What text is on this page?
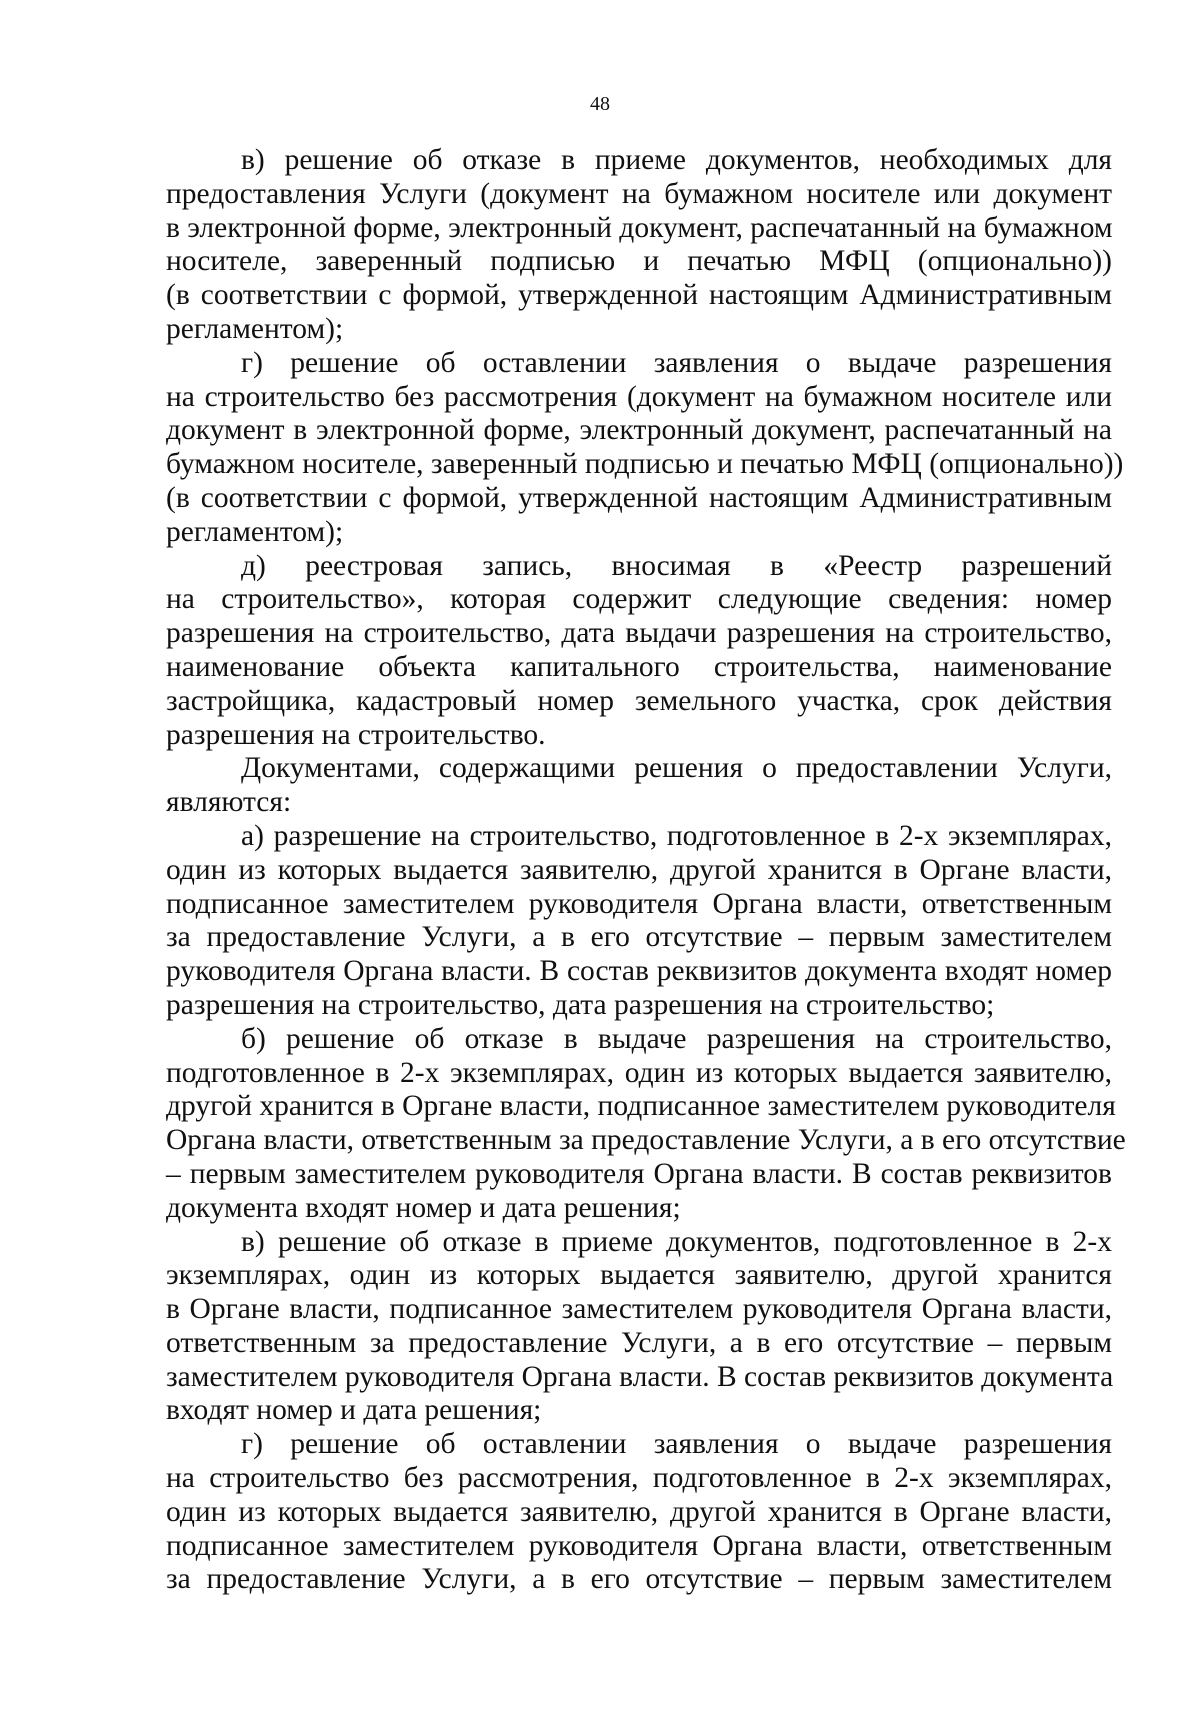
48
в) решение об отказе в приеме документов, необходимых для
предоставления Услуги (документ на бумажном носителе или документ
в электронной форме, электронный документ, распечатанный на бумажном
носителе, заверенный подписью и печатью МФЦ (опционально))
(в соответствии с формой, утвержденной настоящим Административным
регламентом);
г) решение об оставлении заявления о выдаче разрешения
на строительство без рассмотрения (документ на бумажном носителе или
документ в электронной форме, электронный документ, распечатанный на
бумажном носителе, заверенный подписью и печатью МФЦ (опционально))
(в соответствии с формой, утвержденной настоящим Административным
регламентом);
д) реестровая запись, вносимая в «Реестр разрешений
на строительство», которая содержит следующие сведения: номер
разрешения на строительство, дата выдачи разрешения на строительство,
наименование объекта капитального строительства, наименование
застройщика, кадастровый номер земельного участка, срок действия
разрешения на строительство.
Документами, содержащими решения о предоставлении Услуги,
являются:
а) разрешение на строительство, подготовленное в 2-х экземплярах,
один из которых выдается заявителю, другой хранится в Органе власти,
подписанное заместителем руководителя Органа власти, ответственным
за предоставление Услуги, а в его отсутствие – первым заместителем
руководителя Органа власти. В состав реквизитов документа входят номер
разрешения на строительство, дата разрешения на строительство;
б) решение об отказе в выдаче разрешения на строительство,
подготовленное в 2-х экземплярах, один из которых выдается заявителю,
другой хранится в Органе власти, подписанное заместителем руководителя
Органа власти, ответственным за предоставление Услуги, а в его отсутствие
– первым заместителем руководителя Органа власти. В состав реквизитов
документа входят номер и дата решения;
в) решение об отказе в приеме документов, подготовленное в 2-х
экземплярах, один из которых выдается заявителю, другой хранится
в Органе власти, подписанное заместителем руководителя Органа власти,
ответственным за предоставление Услуги, а в его отсутствие – первым
заместителем руководителя Органа власти. В состав реквизитов документа
входят номер и дата решения;
г) решение об оставлении заявления о выдаче разрешения
на строительство без рассмотрения, подготовленное в 2-х экземплярах,
один из которых выдается заявителю, другой хранится в Органе власти,
подписанное заместителем руководителя Органа власти, ответственным
за предоставление Услуги, а в его отсутствие – первым заместителем
